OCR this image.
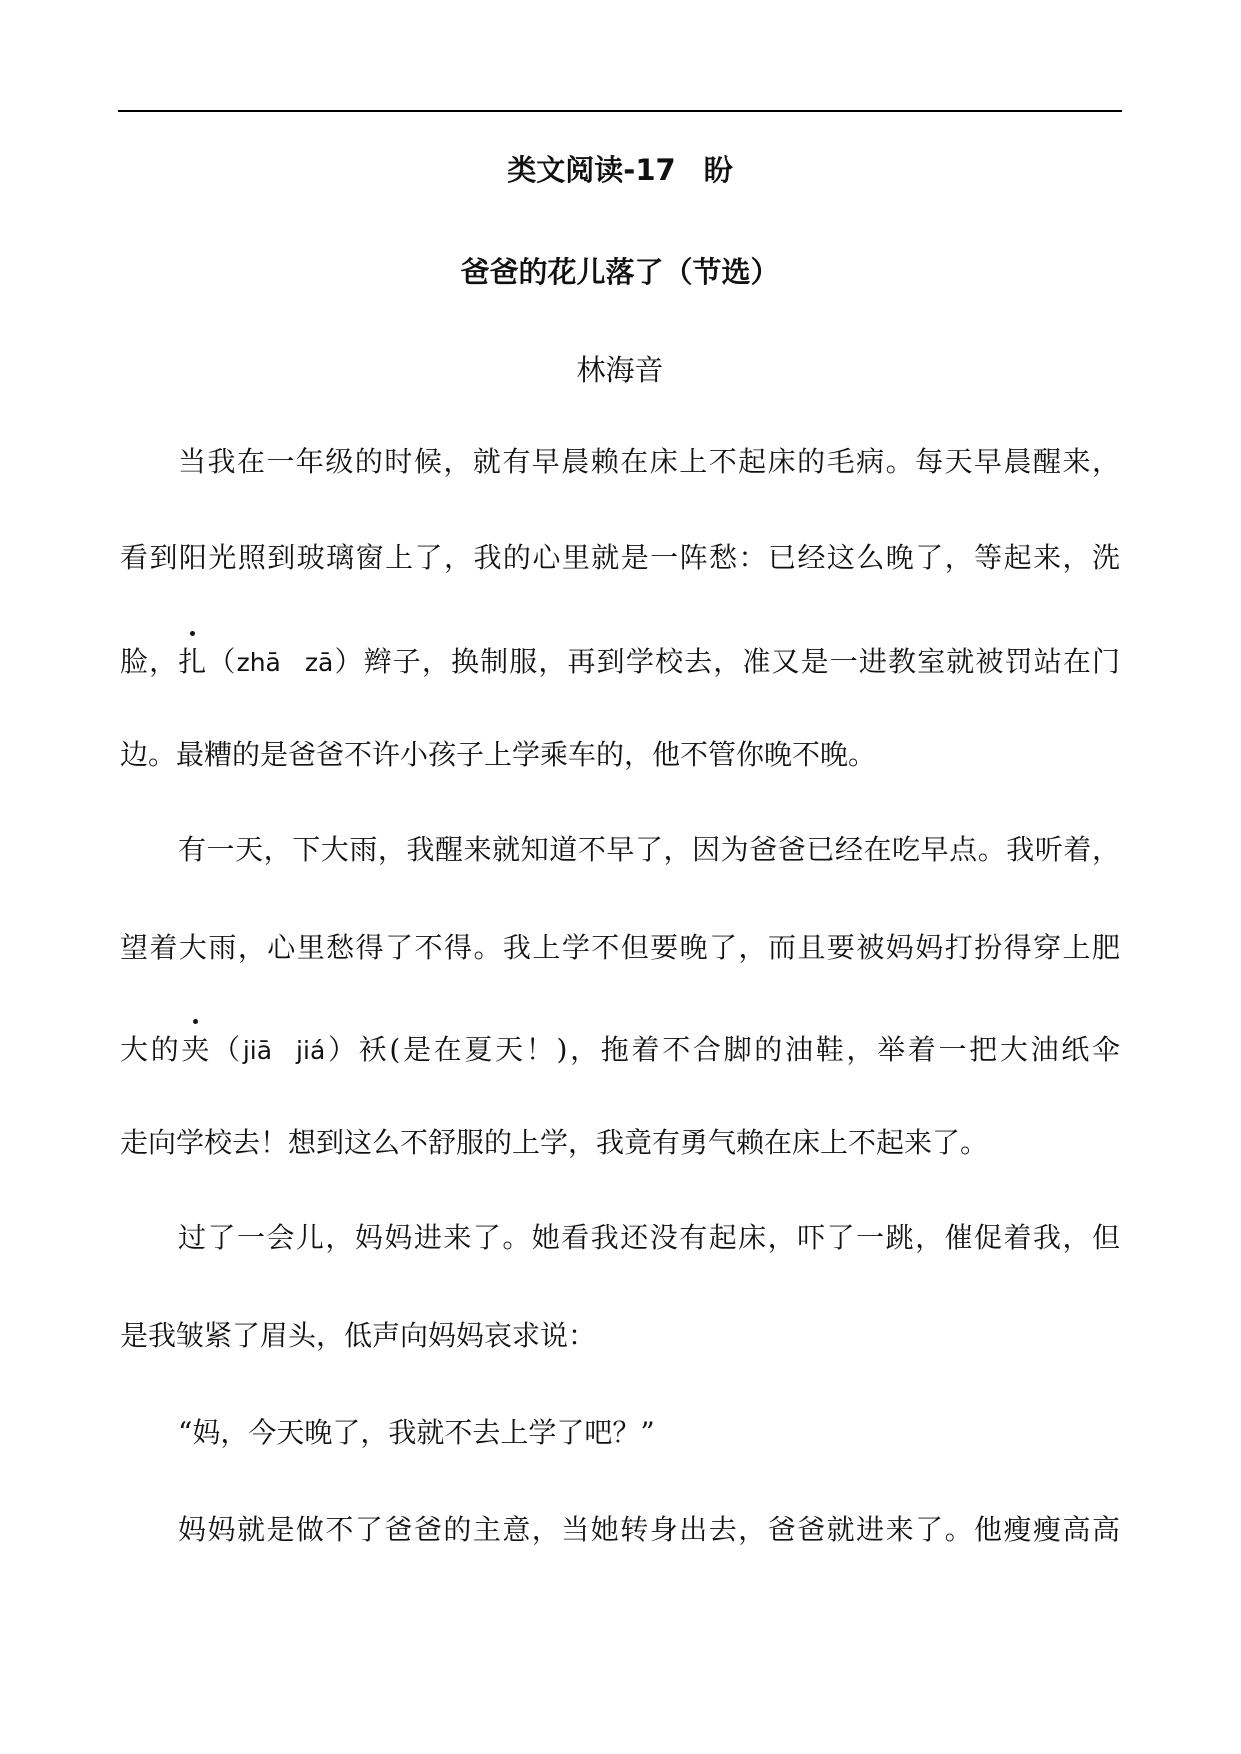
类文阅读-17 盼
爸爸的花儿落了（节选）
林海音
当我在一年级的时候，就有早晨赖在床上不起床的毛病。每天早晨醒来，
看到阳光照到玻璃窗上了，我的心里就是一阵愁：已经这么晚了，等起来，洗
脸，扎（zhā zā）辫子，换制服，再到学校去，准又是一进教室就被罚站在门
边。最糟的是爸爸不许小孩子上学乘车的，他不管你晚不晚。
有一天，下大雨，我醒来就知道不早了，因为爸爸已经在吃早点。我听着，
望着大雨，心里愁得了不得。我上学不但要晚了，而且要被妈妈打扮得穿上肥
大的夹（jiā jiá）袄(是在夏天！)，拖着不合脚的油鞋，举着一把大油纸伞
走向学校去！想到这么不舒服的上学，我竟有勇气赖在床上不起来了。
过了一会儿，妈妈进来了。她看我还没有起床，吓了一跳，催促着我，但
是我皱紧了眉头，低声向妈妈哀求说：
“妈，今天晚了，我就不去上学了吧？”
妈妈就是做不了爸爸的主意，当她转身出去，爸爸就进来了。他瘦瘦高高
